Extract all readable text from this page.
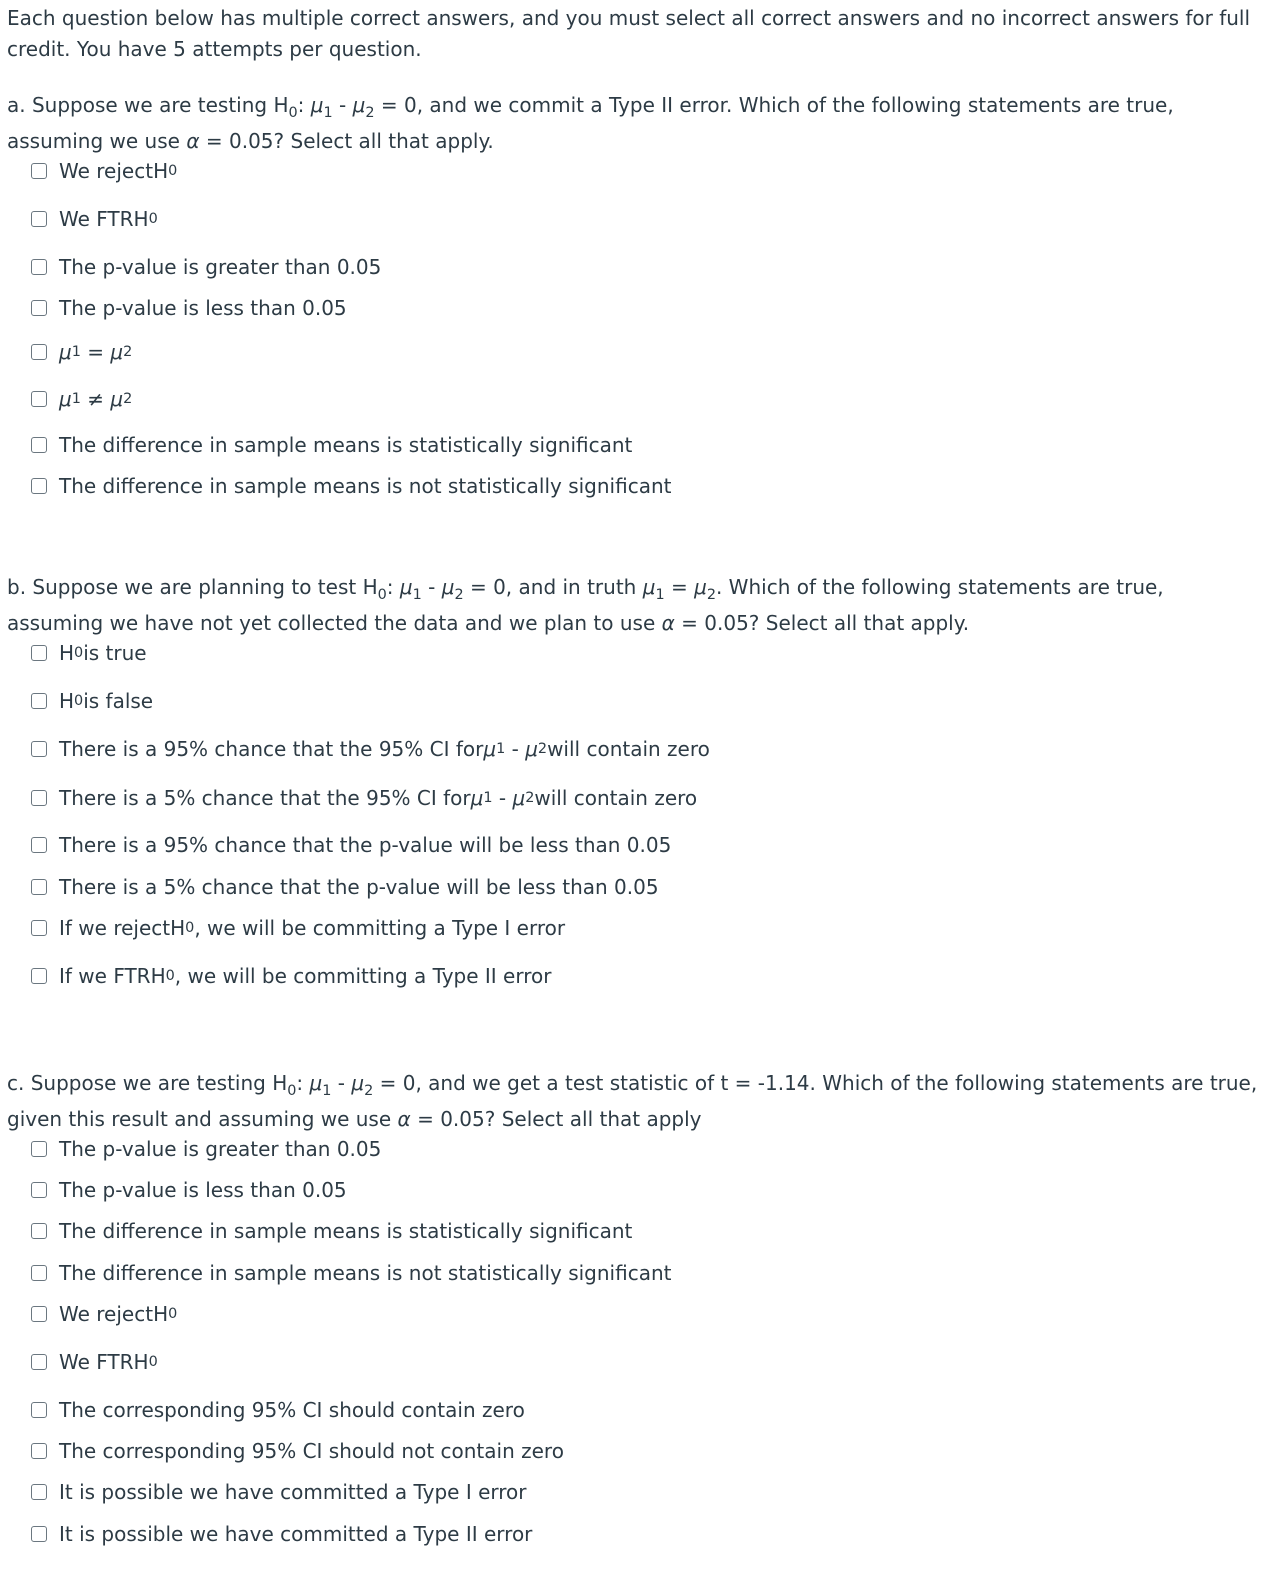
Each question below has multiple correct answers, and you must select all correct answers and no incorrect answers for full credit. You have 5 attempts per question.
a. Suppose we are testing $H_0$: $\mu_1 - \mu_2 = 0$, and we commit a Type II error. Which of the following statements are true,
assuming we use α = 0.05? Select all that apply.
We reject H 0
We FTR H 0
The p-value is greater than 0.05
The p-value is less than 0.05
μ 1
=
μ 2
μ 1
≠
μ 2
The difference in sample means is statistically significant
The difference in sample means is not statistically significant
b. Suppose we are planning to test $H_0$: $\mu_1 - \mu_2 = 0$, and in truth $\mu_1 = \mu_2$. Which of the following statements are true,
assuming we have not yet collected the data and we plan to use α = 0.05? Select all that apply.
H 0 is true
H 0 is false
There is a 95% chance that the 95% CI for μ 1
-
μ 2 will contain zero
There is a 5% chance that the 95% CI for μ 1
-
μ 2 will contain zero
There is a 95% chance that the p-value will be less than 0.05
There is a 5% chance that the p-value will be less than 0.05
If we reject H 0 , we will be committing a Type I error
If we FTR H 0 , we will be committing a Type II error
c. Suppose we are testing $H_0$: $\mu_1 - \mu_2 = 0$, and we get a test statistic of t = -1.14. Which of the following statements are true,
given this result and assuming we use α = 0.05? Select all that apply
The p-value is greater than 0.05
The p-value is less than 0.05
The difference in sample means is statistically significant
The difference in sample means is not statistically significant
We reject H 0
We FTR H 0
The corresponding 95% CI should contain zero
The corresponding 95% CI should not contain zero
It is possible we have committed a Type I error
It is possible we have committed a Type II error
